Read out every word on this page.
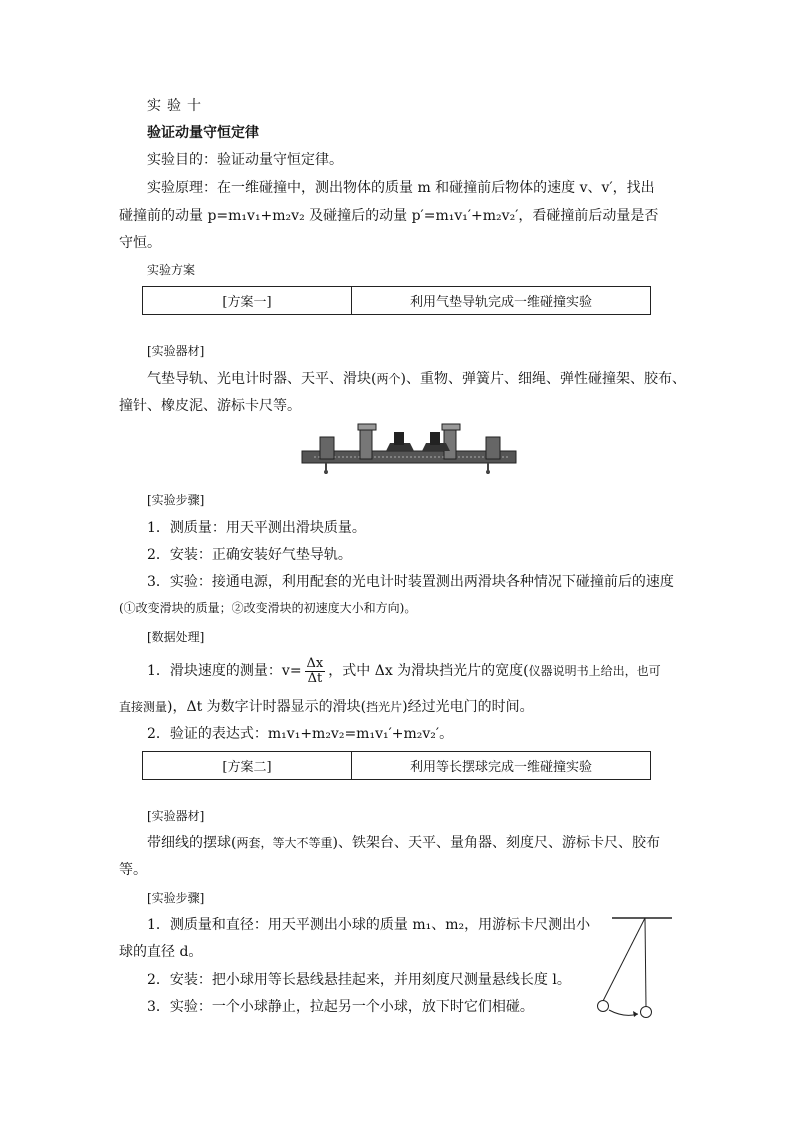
实验十
验证动量守恒定律
实验目的：验证动量守恒定律。
实验原理：在一维碰撞中，测出物体的质量 m 和碰撞前后物体的速度 v、v′，找出
碰撞前的动量 p=m₁v₁+m₂v₂ 及碰撞后的动量 p′=m₁v₁′+m₂v₂′，看碰撞前后动量是否
守恒。
实验方案
[方案一]	利用气垫导轨完成一维碰撞实验
[实验器材]
气垫导轨、光电计时器、天平、滑块(两个)、重物、弹簧片、细绳、弹性碰撞架、胶布、
撞针、橡皮泥、游标卡尺等。
[实验步骤]
1．测质量：用天平测出滑块质量。
2．安装：正确安装好气垫导轨。
3．实验：接通电源，利用配套的光电计时装置测出两滑块各种情况下碰撞前后的速度
(①改变滑块的质量；②改变滑块的初速度大小和方向)。
[数据处理]
1．滑块速度的测量：$v= \frac{\Delta x}{\Delta t}$ ，式中 Δx 为滑块挡光片的宽度(仪器说明书上给出，也可
直接测量)，Δt 为数字计时器显示的滑块(挡光片)经过光电门的时间。
2．验证的表达式：m₁v₁+m₂v₂=m₁v₁′+m₂v₂′。
[方案二]	利用等长摆球完成一维碰撞实验
[实验器材]
带细线的摆球(两套，等大不等重)、铁架台、天平、量角器、刻度尺、游标卡尺、胶布
等。
[实验步骤]
1．测质量和直径：用天平测出小球的质量 m₁、m₂，用游标卡尺测出小
球的直径 d。
2．安装：把小球用等长悬线悬挂起来，并用刻度尺测量悬线长度 l。
3．实验：一个小球静止，拉起另一个小球，放下时它们相碰。
